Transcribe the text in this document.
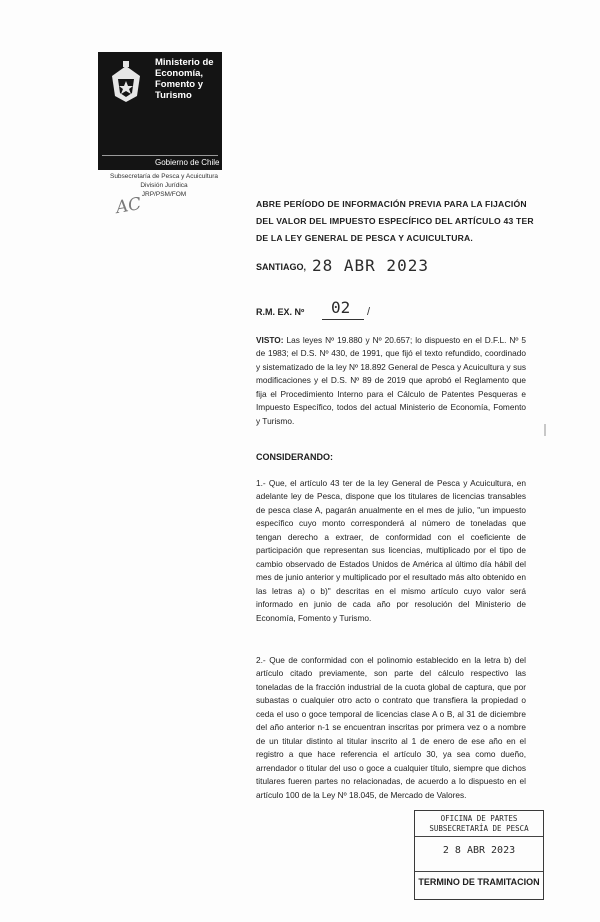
Ministerio de
Economía,
Fomento y
Turismo
Gobierno de Chile
Subsecretaría de Pesca y Acuicultura
División Jurídica
JRP/PSM/FOM
AC	ABRE PERÍODO DE INFORMACIÓN PREVIA PARA LA FIJACIÓN DEL VALOR DEL IMPUESTO ESPECÍFICO DEL ARTÍCULO 43 TER DE LA LEY GENERAL DE PESCA Y ACUICULTURA.
SANTIAGO, 28 ABR 2023
R.M. EX. Nº 02 /
VISTO: Las leyes Nº 19.880 y Nº 20.657; lo dispuesto en el D.F.L. Nº 5 de 1983; el D.S. Nº 430, de 1991, que fijó el texto refundido, coordinado y sistematizado de la ley Nº 18.892 General de Pesca y Acuicultura y sus modificaciones y el D.S. Nº 89 de 2019 que aprobó el Reglamento que fija el Procedimiento Interno para el Cálculo de Patentes Pesqueras e Impuesto Específico, todos del actual Ministerio de Economía, Fomento y Turismo.
CONSIDERANDO:
1.- Que, el artículo 43 ter de la ley General de Pesca y Acuicultura, en adelante ley de Pesca, dispone que los titulares de licencias transables de pesca clase A, pagarán anualmente en el mes de julio, "un impuesto específico cuyo monto corresponderá al número de toneladas que tengan derecho a extraer, de conformidad con el coeficiente de participación que representan sus licencias, multiplicado por el tipo de cambio observado de Estados Unidos de América al último día hábil del mes de junio anterior y multiplicado por el resultado más alto obtenido en las letras a) o b)" descritas en el mismo artículo cuyo valor será informado en junio de cada año por resolución del Ministerio de Economía, Fomento y Turismo.
2.- Que de conformidad con el polinomio establecido en la letra b) del artículo citado previamente, son parte del cálculo respectivo las toneladas de la fracción industrial de la cuota global de captura, que por subastas o cualquier otro acto o contrato que transfiera la propiedad o ceda el uso o goce temporal de licencias clase A o B, al 31 de diciembre del año anterior n-1 se encuentran inscritas por primera vez o a nombre de un titular distinto al titular inscrito al 1 de enero de ese año en el registro a que hace referencia el artículo 30, ya sea como dueño, arrendador o titular del uso o goce a cualquier título, siempre que dichos titulares fueren partes no relacionadas, de acuerdo a lo dispuesto en el artículo 100 de la Ley Nº 18.045, de Mercado de Valores.
OFICINA DE PARTES
SUBSECRETARÍA DE PESCA
2 8 ABR 2023
TERMINO DE TRAMITACION
